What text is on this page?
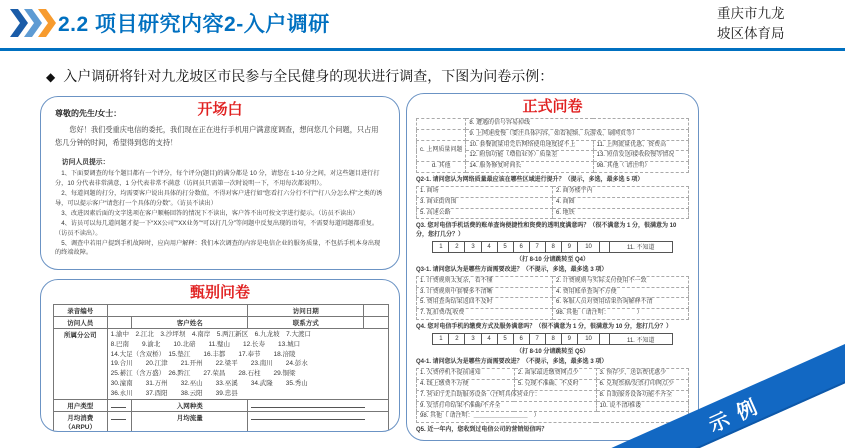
2.2 项目研究内容2-入户调研	重庆市九龙
坡区体育局
◆ 入户调研将针对九龙坡区市民参与全民健身的现状进行调查，下图为问卷示例：
开场白
尊敬的先生/女士：
您好！我们受重庆电信的委托，我们现在正在进行手机用户满意度调查，想问您几个问题，只占用您几分钟的时间，希望得到您的支持！
访问人员提示：
1、下面要调查的每个题目都有一个评分，每个评分(题目)的满分都是 10 分，请您在 1-10 分之间，对这些题目进行打分，10 分代表非常满意，1 分代表非常不满意（访问员只需第一次时说明一下，不用每次都说明）。
2、每道问题的打分，均需要客户说出具体的打分数值，不得对客户进行如“您看打六分行不行”“打八分怎么样”之类的诱导，可以提示客户“请您打一个具体的分数”。（访员不读出）
3、改进因素后面的文字选项在客户顺畅回答的情况下不读出，客户答不出可按文字进行提示。（访员不读出）
4、访员可以每几道问题才提一下“XX公司”“XX业务”“可以打几分”等问题中反复出现的语句，不需要每道问题都重复。（访员不读出）。
5、调查中若用户提到手机故障时，应向用户解释：我们本次调查的内容是电信企业的服务质量，不包括手机本身出现的终端故障。
甄别问卷
录音编号			访问日期	
访问人员		客户姓名	联系方式	
所属分公司	1.渝中　2.江北　3.沙坪坝　4.南岸　5.两江新区　6.九龙坡　7.大渡口
8.巴南　　9.渝北　　10.北碚　　11.璧山　　12.长寿　　13.城口
14.大足（含双桥）　15.垫江　　16.丰都　　17.奉节　　18.涪陵
19.合川　　20.江津　　21.开州　　22.梁平　　23.南川　　24.彭水
25.綦江（含万盛）　26.黔江　　27.荣昌　　28.石柱　　29.铜梁
30.潼南　　31.万州　　32.巫山　　33.巫溪　　34.武隆　　35.秀山
36.永川　　37.酉阳　　38.云阳　　39.忠县

用户类型		入网种类		

月均消费
（ARPU）		月均流量		
正式问卷
	8. 遭遇的信号容易掉线	
	9. 上网速度慢（要注具体内容，如看视频、玩游戏、刷网页等）	
c. 上网质量问题	10. 套餐流量用完后网络使用速度提不上	11. 上网流量优惠、资费高
	12. 附加功能（增值业务）质量差	13. 短信发送/接收较慢等情况
d. 其他	14. 服务修复时间长	98. 其他（ 请注明）
Q2-1. 请问您认为网络质量最应该在哪些区域进行提升？（提示，多选，最多选 5 项）
1. 商场	2. 商务楼宇内
3. 商业街周围	4. 商圈
5. 高速公路	6. 地铁
Q3. 您对电信手机话费的账单查询便捷性和资费的透明度满意吗？（很不满意为 1 分，很满意为 10 分，您打几分？）
1	2	3	4	5	6	7	8	9	10		11. 不知道
（打 8-10 分请跳转至 Q4）
Q3-1. 请问您认为是哪些方面需要改进？（不提示，多选，最多选 3 项）
1. 计费规则太复杂，看不懂	2. 计费规则与实际支付使用不一致
3. 计费规则中套餐多不清晰	4. 费用账单查询不方便
5. 费用查询结果返回不及时	6. 客服人员对费用结果咨询解释不清
7. 乱扣费/乱收费	98. 其他（ 请注明：　　　　　）
Q4. 您对电信手机的缴费方式及服务满意吗？（很不满意为 1 分，很满意为 10 分，您打几分？）
1	2	3	4	5	6	7	8	9	10		11. 不知道
（打 8-10 分请跳转至 Q5）
Q4-1. 请问您认为是哪些方面需要改进？（不提示，多选，最多选 3 项）
1. 欠费停机不提前通知	2. 离家最近缴费网点少	3. 预存少、送话费优惠少
4. 线上缴费不方便	5. 兑现不准确、不及时	6. 兑现票据/发票打印网点少
7. 营业厅无自助服务设备（注明具体营业厅：		8. 自助服务设备功能不齐全
9. 发票打印结果不准确/不齐全		10. 说不清/推诿
98. 其他（ 请注明：＿＿＿＿＿＿＿＿＿　）		
Q5. 近一年内，您收到过电信公司的营销短信吗？	示例
